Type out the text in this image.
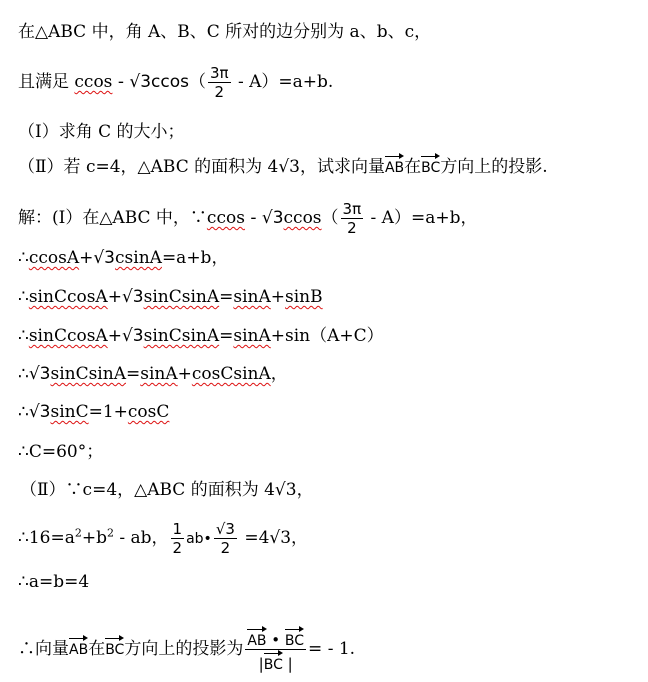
在△ABC 中，角 A、B、C 所对的边分别为 a、b、c，
且满足 $ccos - √3ccos( \frac{3\pi}{2} - A)=a+b$.
（I）求角 C 的大小；
（Ⅱ）若 c=4，△ABC 的面积为 4√3，试求向量AB在BC方向上的投影.
解：(I）在△ABC 中，∵ccos - $√3ccos( \frac{3\pi}{2} - A)=a+b$，
∴ccosA+√3csinA=a+b，
∴sinCcosA+√3sinCsinA=sinA+sinB
∴sinCcosA+√3sinCsinA=sinA+sin（A+C）
∴√3sinCsinA=sinA+cosCsinA，
∴√3sinC=1+cosC
∴C=60°；
（Ⅱ）∵c=4，△ABC 的面积为 4√3，
$\therefore 16=a^2+b^2$ - ab， $\frac{1}{2}$ ab• $\frac{√3}{2} =4√3$，
∴a=b=4
∴向量AB在BC方向上的投影为 $\frac{AB • BC}{|BC |}$ = - 1.
